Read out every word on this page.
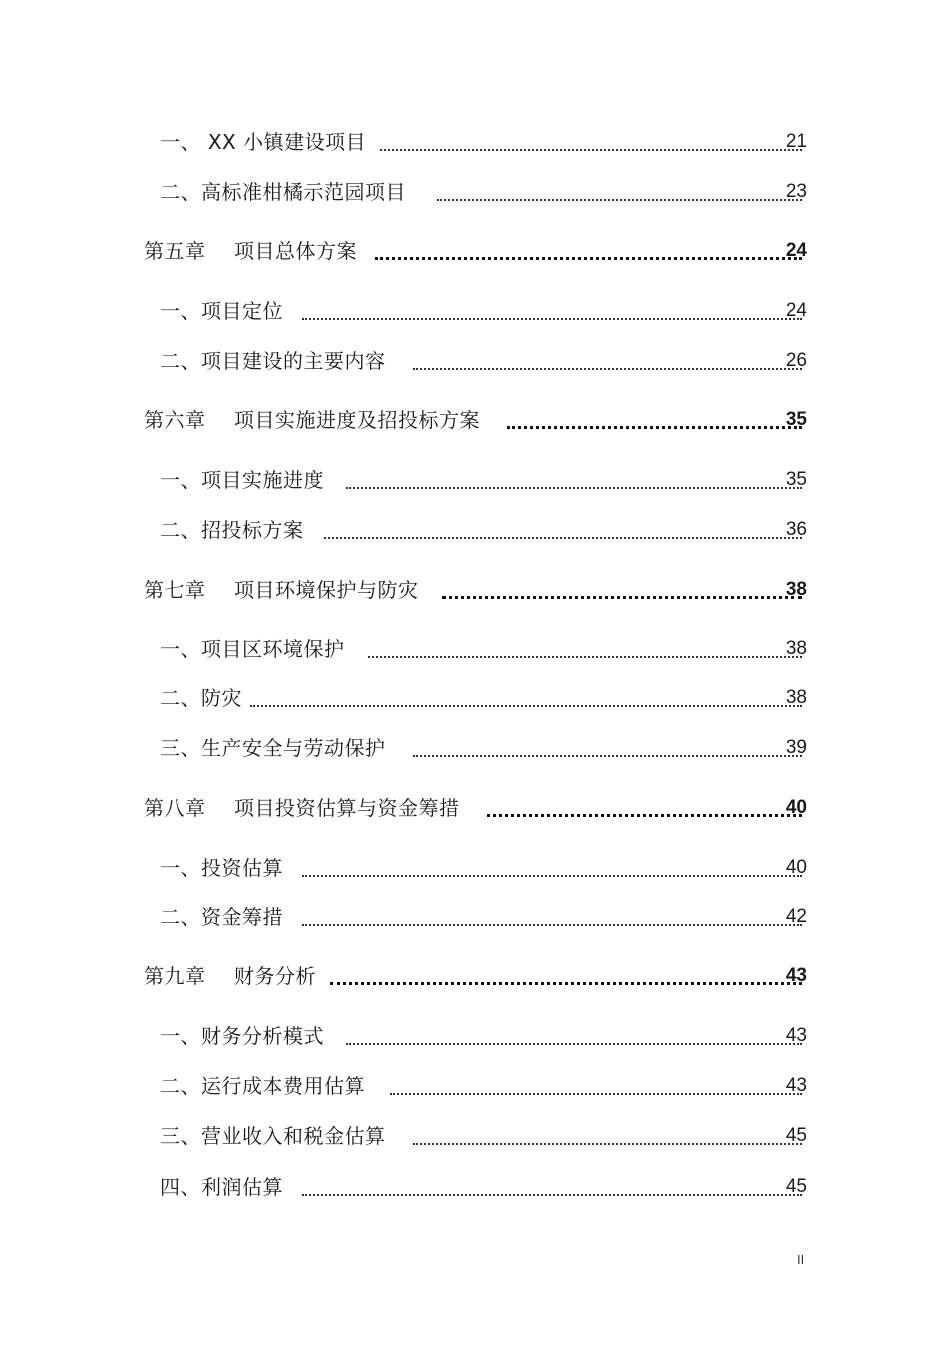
一、 XX 小镇建设项目	21
二、高标准柑橘示范园项目	23
第五章 项目总体方案	24
一、项目定位	24
二、项目建设的主要内容	26
第六章 项目实施进度及招投标方案	35
一、项目实施进度	35
二、招投标方案	36
第七章 项目环境保护与防灾	38
一、项目区环境保护	38
二、防灾	38
三、生产安全与劳动保护	39
第八章 项目投资估算与资金筹措	40
一、投资估算	40
二、资金筹措	42
第九章 财务分析	43
一、财务分析模式	43
二、运行成本费用估算	43
三、营业收入和税金估算	45
四、利润估算	45
II
